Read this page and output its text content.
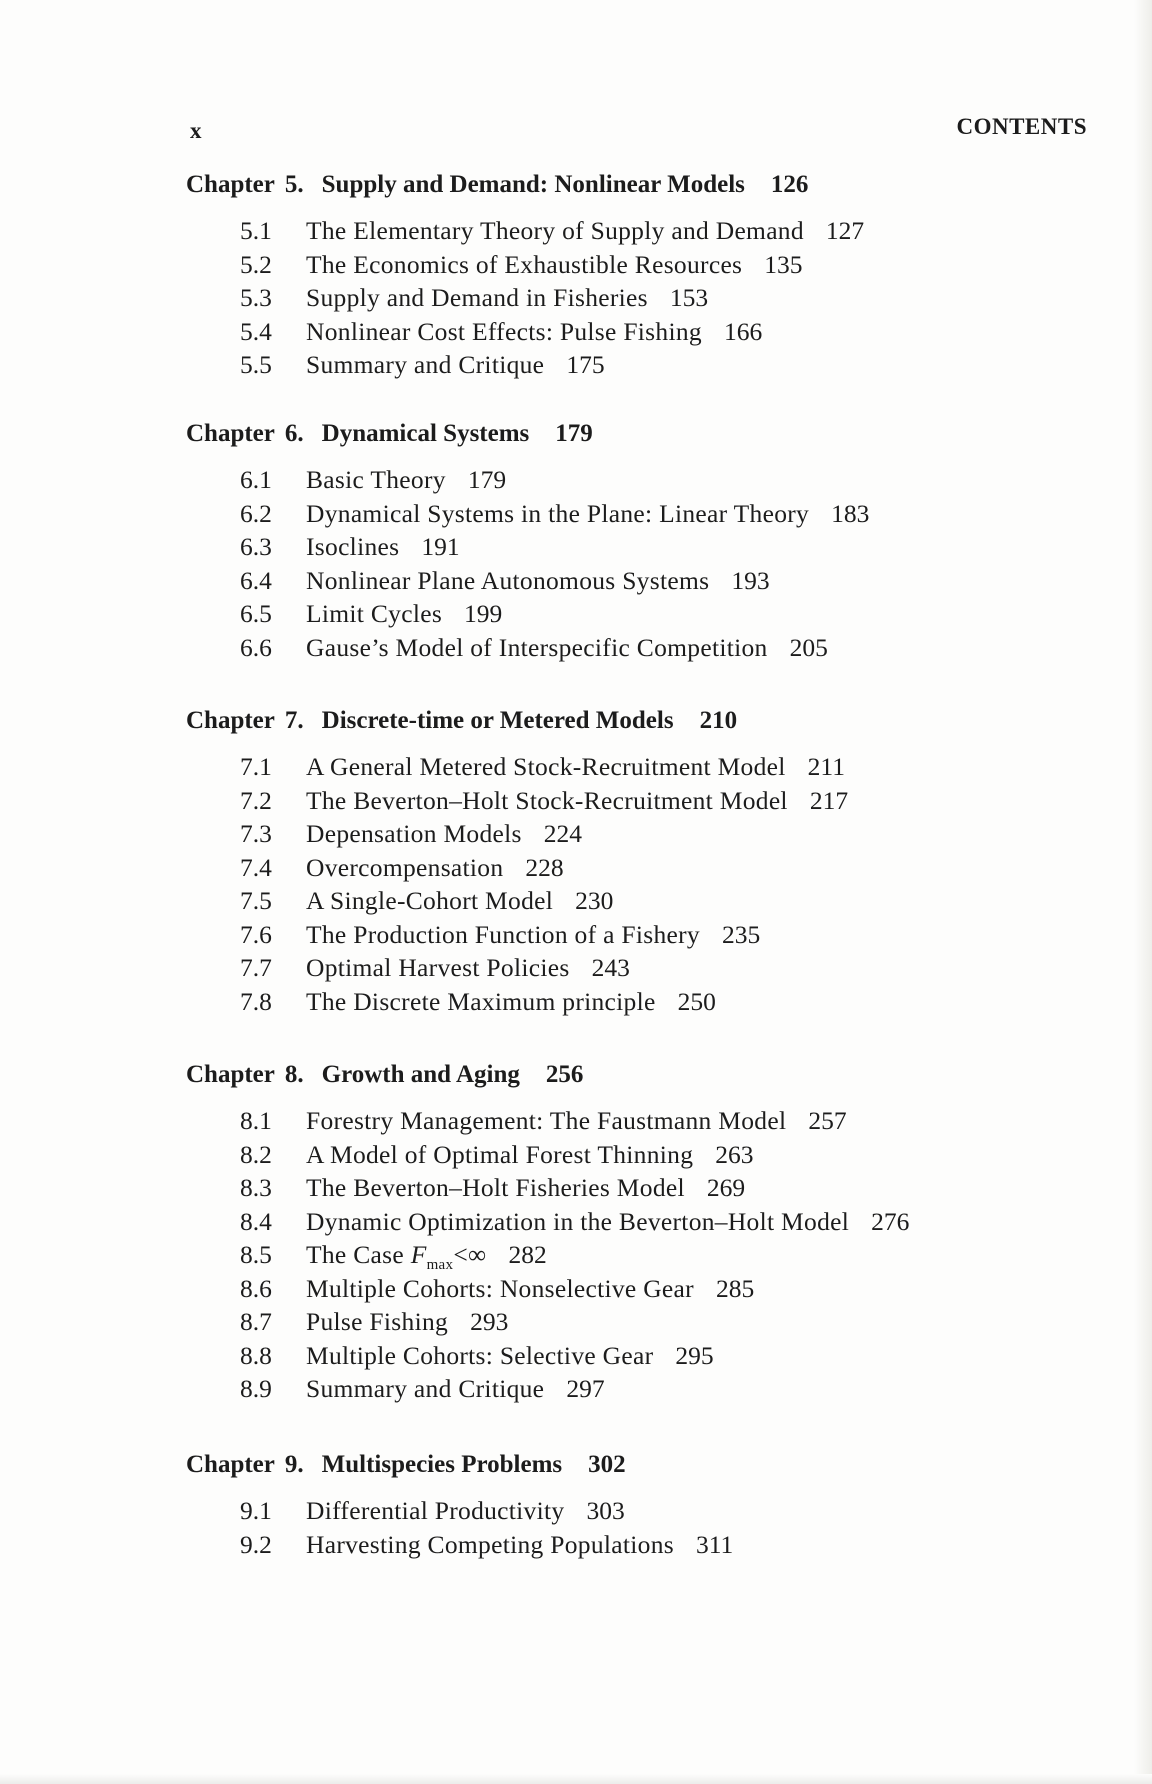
x	CONTENTS
Chapter 5. Supply and Demand: Nonlinear Models 126
5.1 The Elementary Theory of Supply and Demand 127
5.2 The Economics of Exhaustible Resources 135
5.3 Supply and Demand in Fisheries 153
5.4 Nonlinear Cost Effects: Pulse Fishing 166
5.5 Summary and Critique 175
Chapter 6. Dynamical Systems 179
6.1 Basic Theory 179
6.2 Dynamical Systems in the Plane: Linear Theory 183
6.3 Isoclines 191
6.4 Nonlinear Plane Autonomous Systems 193
6.5 Limit Cycles 199
6.6 Gause’s Model of Interspecific Competition 205
Chapter 7. Discrete-time or Metered Models 210
7.1 A General Metered Stock-Recruitment Model 211
7.2 The Beverton–Holt Stock-Recruitment Model 217
7.3 Depensation Models 224
7.4 Overcompensation 228
7.5 A Single-Cohort Model 230
7.6 The Production Function of a Fishery 235
7.7 Optimal Harvest Policies 243
7.8 The Discrete Maximum principle 250
Chapter 8. Growth and Aging 256
8.1 Forestry Management: The Faustmann Model 257
8.2 A Model of Optimal Forest Thinning 263
8.3 The Beverton–Holt Fisheries Model 269
8.4 Dynamic Optimization in the Beverton–Holt Model 276
8.5 The Case $F_{max}<\infty$ 282
8.6 Multiple Cohorts: Nonselective Gear 285
8.7 Pulse Fishing 293
8.8 Multiple Cohorts: Selective Gear 295
8.9 Summary and Critique 297
Chapter 9. Multispecies Problems 302
9.1 Differential Productivity 303
9.2 Harvesting Competing Populations 311
